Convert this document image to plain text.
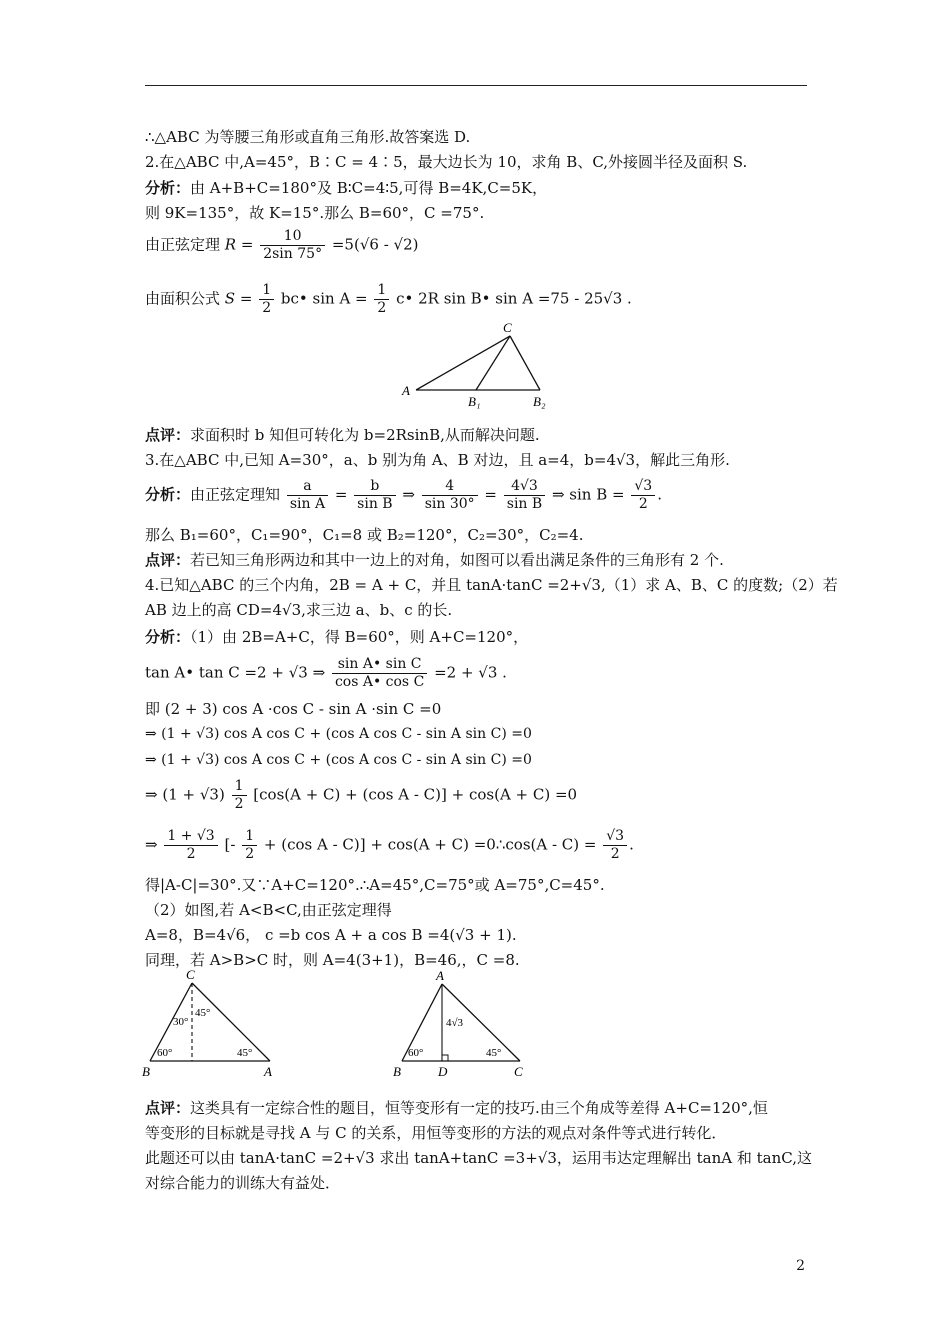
∴△ABC 为等腰三角形或直角三角形.故答案选 D.
2.在△ABC 中,A=45°，B∶C = 4∶5，最大边长为 10，求角 B、C,外接圆半径及面积 S.
分析：由 A+B+C=180°及 B∶C=4∶5,可得 B=4K,C=5K，
则 9K=135°，故 K=15°.那么 B=60°，C =75°.
由正弦定理 $R = \frac{10}{2\sin 75^\circ} =5(√6 - √2)$
由面积公式 $S = \frac{1}{2}$ bc• $\sin A = \frac{1}{2}$ c• 2R sin B• sin A =75 - 25√3 .
C
A
B₁	B₂
点评：求面积时 b 知但可转化为 b=2RsinB,从而解决问题.
3.在△ABC 中,已知 A=30°，a、b 别为角 A、B 对边，且 a=4，b=4√3，解此三角形.
分析：由正弦定理知 $\frac{a}{\text{sin A}} = \frac{b}{\text{sin B}}$ ⇒ $\frac{4}{\sin 30^\circ} = \frac{4√3}{\text{sin B}}$ ⇒ $\sin B = \frac{√3}{2}$ .
那么 B₁=60°，C₁=90°，C₁=8 或 B₂=120°，C₂=30°，C₂=4.
点评：若已知三角形两边和其中一边上的对角，如图可以看出满足条件的三角形有 2 个.
4.已知△ABC 的三个内角，2B = A + C，并且 tanA·tanC =2+√3,（1）求 A、B、C 的度数;（2）若
AB 边上的高 CD=4√3,求三边 a、b、c 的长.
分析：（1）由 2B=A+C，得 B=60°，则 A+C=120°，
tan A• tan C =2 + √3 ⇒ $\frac{\text{sin A• sin C}}{\text{cos A• cos C}} =2 + √3$ .
即 (2 + 3) cos A ·cos C - sin A ·sin C =0
⇒ (1 + √3) cos A cos C + (cos A cos C - sin A sin C) =0
⇒ (1 + √3) cos A cos C + (cos A cos C - sin A sin C) =0
⇒ $(1 + √3) \frac{1}{2} [\cos(A + C) + (\cos$ A - C)] + cos(A + C) =0
⇒ $\frac{1 + √3}{2}$ [- $\frac{1}{2} + (\cos$ A - C)] + cos(A + C) =0∴cos(A - $C) = \frac{√3}{2}$ .
得|A-C|=30°.又∵A+C=120°.∴A=45°,C=75°或 A=75°,C=45°.
（2）如图,若 A<B<C,由正弦定理得
A=8，B=4√6， c =b cos A + a cos B =4(√3 + 1).
同理，若 A>B>C 时，则 A=4(3+1)，B=46,，C =8.
C
B	A
30°
45°
60°	45°
A
B	D	C
4√3
60°	45°
点评：这类具有一定综合性的题目，恒等变形有一定的技巧.由三个角成等差得 A+C=120°,恒
等变形的目标就是寻找 A 与 C 的关系，用恒等变形的方法的观点对条件等式进行转化．
此题还可以由 tanA·tanC =2+√3 求出 tanA+tanC =3+√3，运用韦达定理解出 tanA 和 tanC,这
对综合能力的训练大有益处．
2
